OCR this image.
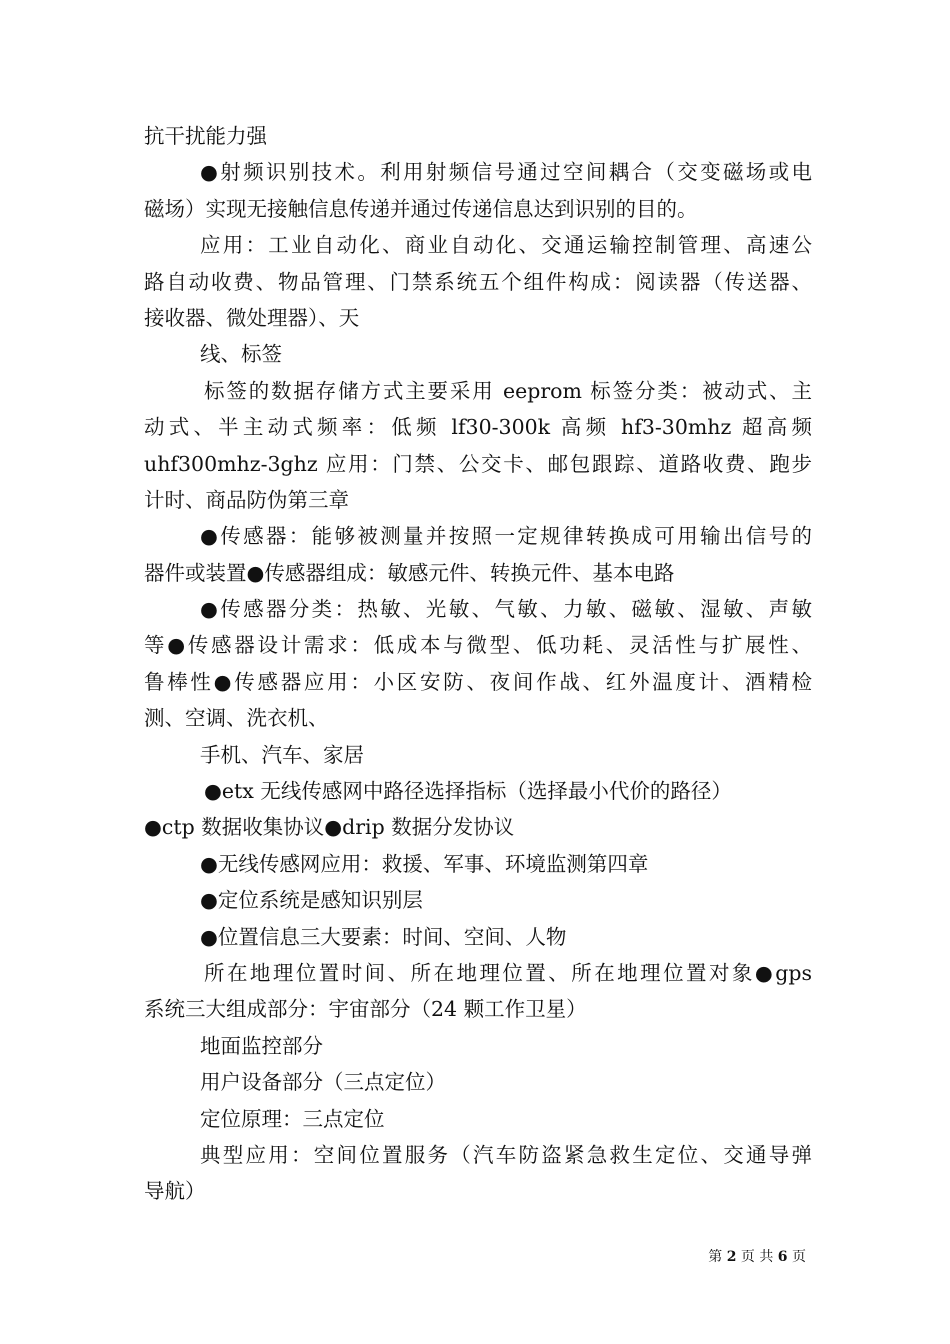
抗干扰能力强
●射频识别技术。利用射频信号通过空间耦合（交变磁场或电
磁场）实现无接触信息传递并通过传递信息达到识别的目的。
应用：工业自动化、商业自动化、交通运输控制管理、高速公
路自动收费、物品管理、门禁系统五个组件构成：阅读器（传送器、
接收器、微处理器）、天
线、标签
标签的数据存储方式主要采用 eeprom 标签分类：被动式、主
动式、半主动式频率：低频 lf30-300k 高频 hf3-30mhz 超高频
uhf300mhz-3ghz 应用：门禁、公交卡、邮包跟踪、道路收费、跑步
计时、商品防伪第三章
●传感器：能够被测量并按照一定规律转换成可用输出信号的
器件或装置●传感器组成：敏感元件、转换元件、基本电路
●传感器分类：热敏、光敏、气敏、力敏、磁敏、湿敏、声敏
等●传感器设计需求：低成本与微型、低功耗、灵活性与扩展性、
鲁棒性●传感器应用：小区安防、夜间作战、红外温度计、酒精检
测、空调、洗衣机、
手机、汽车、家居
●etx 无线传感网中路径选择指标（选择最小代价的路径）
●ctp 数据收集协议●drip 数据分发协议
●无线传感网应用：救援、军事、环境监测第四章
●定位系统是感知识别层
●位置信息三大要素：时间、空间、人物
所在地理位置时间、所在地理位置、所在地理位置对象●gps
系统三大组成部分：宇宙部分（24 颗工作卫星）
地面监控部分
用户设备部分（三点定位）
定位原理：三点定位
典型应用：空间位置服务（汽车防盗紧急救生定位、交通导弹
导航）
第 2 页 共 6 页
